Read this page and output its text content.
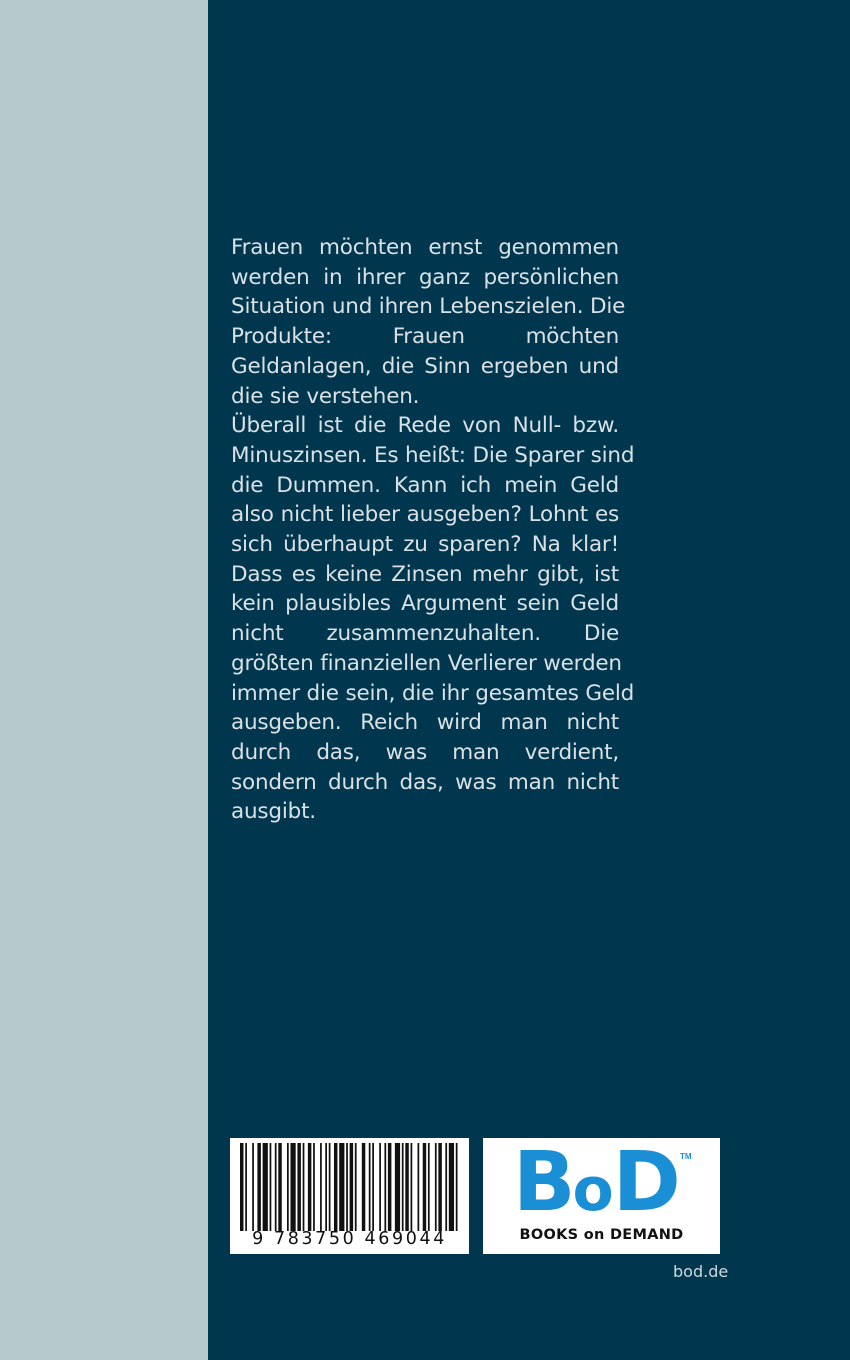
Frauen möchten ernst genommen
werden in ihrer ganz persönlichen
Situation und ihren Lebenszielen. Die
Produkte: Frauen möchten
Geldanlagen, die Sinn ergeben und
die sie verstehen.
Überall ist die Rede von Null- bzw.
Minuszinsen. Es heißt: Die Sparer sind
die Dummen. Kann ich mein Geld
also nicht lieber ausgeben? Lohnt es
sich überhaupt zu sparen? Na klar!
Dass es keine Zinsen mehr gibt, ist
kein plausibles Argument sein Geld
nicht zusammenzuhalten. Die
größten finanziellen Verlierer werden
immer die sein, die ihr gesamtes Geld
ausgeben. Reich wird man nicht
durch das, was man verdient,
sondern durch das, was man nicht
ausgibt.
9 783750 469044
BoD TM
BOOKS on DEMAND
bod.de
